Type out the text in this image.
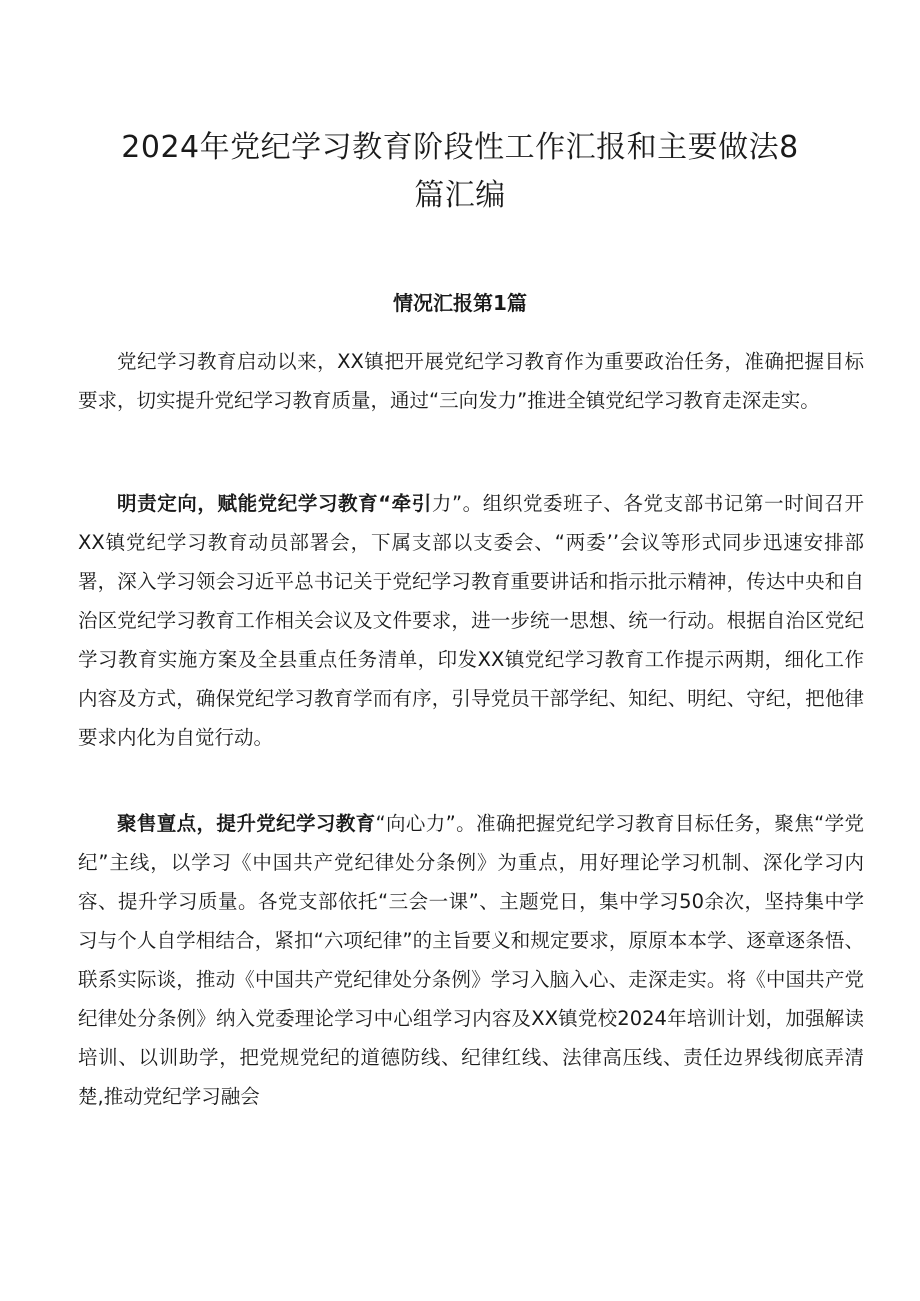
2024年党纪学习教育阶段性工作汇报和主要做法8
篇汇编
情况汇报第1篇

党纪学习教育启动以来，XX镇把开展党纪学习教育作为重要政治任务，准确把握目标要求，切实提升党纪学习教育质量，通过“三向发力”推进全镇党纪学习教育走深走实。

明责定向，赋能党纪学习教育“牵引力”。组织党委班子、各党支部书记第一时间召开XX镇党纪学习教育动员部署会，下属支部以支委会、“两委’’会议等形式同步迅速安排部署，深入学习领会习近平总书记关于党纪学习教育重要讲话和指示批示精神，传达中央和自治区党纪学习教育工作相关会议及文件要求，进一步统一思想、统一行动。根据自治区党纪学习教育实施方案及全县重点任务清单，印发XX镇党纪学习教育工作提示两期，细化工作内容及方式，确保党纪学习教育学而有序，引导党员干部学纪、知纪、明纪、守纪，把他律要求内化为自觉行动。

聚售亶点，提升党纪学习教育“向心力”。准确把握党纪学习教育目标任务，聚焦“学党纪”主线，以学习《中国共产党纪律处分条例》为重点，用好理论学习机制、深化学习内容、提升学习质量。各党支部依托“三会一课”、主题党日，集中学习50余次，坚持集中学习与个人自学相结合，紧扣“六项纪律”的主旨要义和规定要求，原原本本学、逐章逐条悟、联系实际谈，推动《中国共产党纪律处分条例》学习入脑入心、走深走实。将《中国共产党纪律处分条例》纳入党委理论学习中心组学习内容及XX镇党校2024年培训计划，加强解读培训、以训助学，把党规党纪的道德防线、纪律红线、法律高压线、责任边界线彻底弄清楚,推动党纪学习融会
